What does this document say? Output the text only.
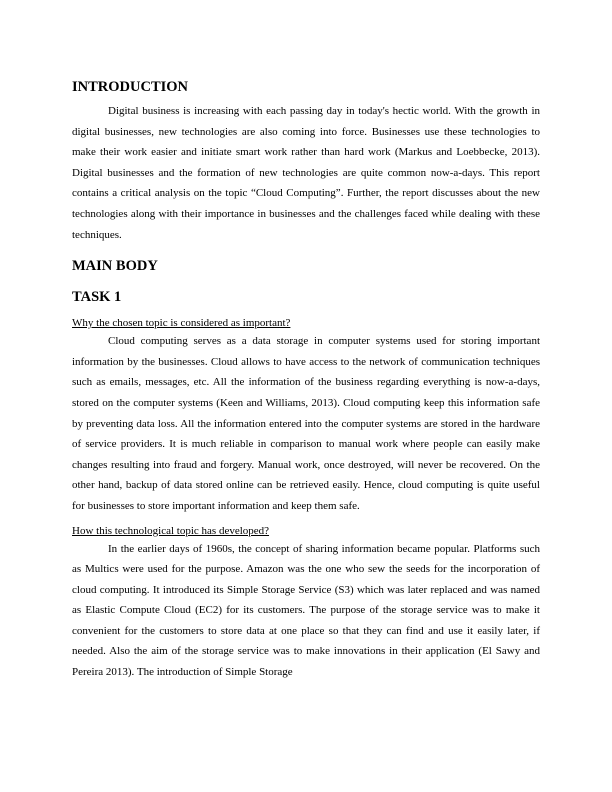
INTRODUCTION

Digital business is increasing with each passing day in today's hectic world. With the growth in digital businesses, new technologies are also coming into force. Businesses use these technologies to make their work easier and initiate smart work rather than hard work (Markus and Loebbecke, 2013). Digital businesses and the formation of new technologies are quite common now-a-days. This report contains a critical analysis on the topic “Cloud Computing”. Further, the report discusses about the new technologies along with their importance in businesses and the challenges faced while dealing with these techniques.

MAIN BODY
TASK 1
Why the chosen topic is considered as important?

Cloud computing serves as a data storage in computer systems used for storing important information by the businesses. Cloud allows to have access to the network of communication techniques such as emails, messages, etc. All the information of the business regarding everything is now-a-days, stored on the computer systems (Keen and Williams, 2013). Cloud computing keep this information safe by preventing data loss. All the information entered into the computer systems are stored in the hardware of service providers. It is much reliable in comparison to manual work where people can easily make changes resulting into fraud and forgery. Manual work, once destroyed, will never be recovered. On the other hand, backup of data stored online can be retrieved easily. Hence, cloud computing is quite useful for businesses to store important information and keep them safe.

How this technological topic has developed?

In the earlier days of 1960s, the concept of sharing information became popular. Platforms such as Multics were used for the purpose. Amazon was the one who sew the seeds for the incorporation of cloud computing. It introduced its Simple Storage Service (S3) which was later replaced and was named as Elastic Compute Cloud (EC2) for its customers. The purpose of the storage service was to make it convenient for the customers to store data at one place so that they can find and use it easily later, if needed. Also the aim of the storage service was to make innovations in their application (El Sawy and Pereira 2013). The introduction of Simple Storage
